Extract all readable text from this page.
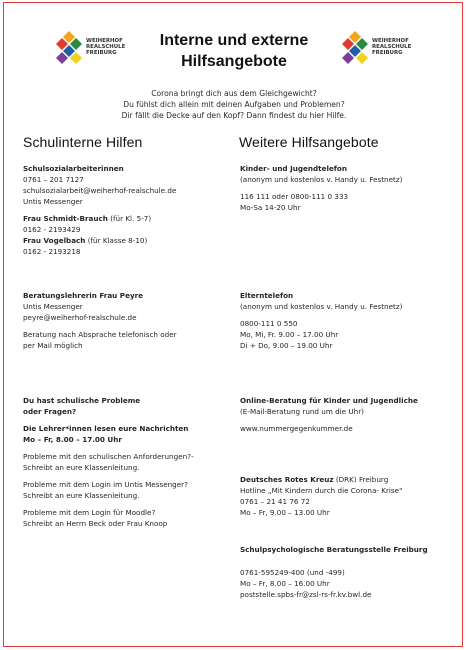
WEIHERHOF
REALSCHULE
FREIBURG
Interne und externe
Hilfsangebote
WEIHERHOF
REALSCHULE
FREIBURG
Corona bringt dich aus dem Gleichgewicht?
Du fühlst dich allein mit deinen Aufgaben und Problemen?
Dir fällt die Decke auf den Kopf? Dann findest du hier Hilfe.
Schulinterne Hilfen	Weitere Hilfsangebote
Schulsozialarbeiterinnen
0761 – 201 7127
schulsozialarbeit@weiherhof-realschule.de
Untis Messenger
Frau Schmidt-Brauch (für Kl. 5-7)
0162 - 2193429
Frau Vogelbach (für Klasse 8-10)
0162 - 2193218
Beratungslehrerin Frau Peyre
Untis Messenger
peyre@weiherhof-realschule.de
Beratung nach Absprache telefonisch oder
per Mail möglich
Du hast schulische Probleme
oder Fragen?
Die Lehrer*innen lesen eure Nachrichten
Mo – Fr, 8.00 – 17.00 Uhr
Probleme mit den schulischen Anforderungen?-
Schreibt an eure Klassenleitung.
Probleme mit dem Login im Untis Messenger?
Schreibt an eure Klassenleitung.
Probleme mit dem Login für Moodle?
Schreibt an Herrn Beck oder Frau Knoop
Kinder- und Jugendtelefon
(anonym und kostenlos v. Handy u. Festnetz)
116 111 oder 0800-111 0 333
Mo-Sa 14-20 Uhr
Elterntelefon
(anonym und kostenlos v. Handy u. Festnetz)
0800-111 0 550
Mo, Mi, Fr. 9.00 – 17.00 Uhr
Di + Do, 9.00 – 19.00 Uhr
Online-Beratung für Kinder und Jugendliche
(E-Mail-Beratung rund um die Uhr)
www.nummergegenkummer.de
Deutsches Rotes Kreuz (DRK) Freiburg
Hotline „Mit Kindern durch die Corona- Krise"
0761 – 21 41 76 72
Mo – Fr, 9.00 – 13.00 Uhr
Schulpsychologische Beratungsstelle Freiburg
0761-595249-400 (und -499)
Mo – Fr, 8.00 – 16.00 Uhr
poststelle.spbs-fr@zsl-rs-fr.kv.bwl.de
